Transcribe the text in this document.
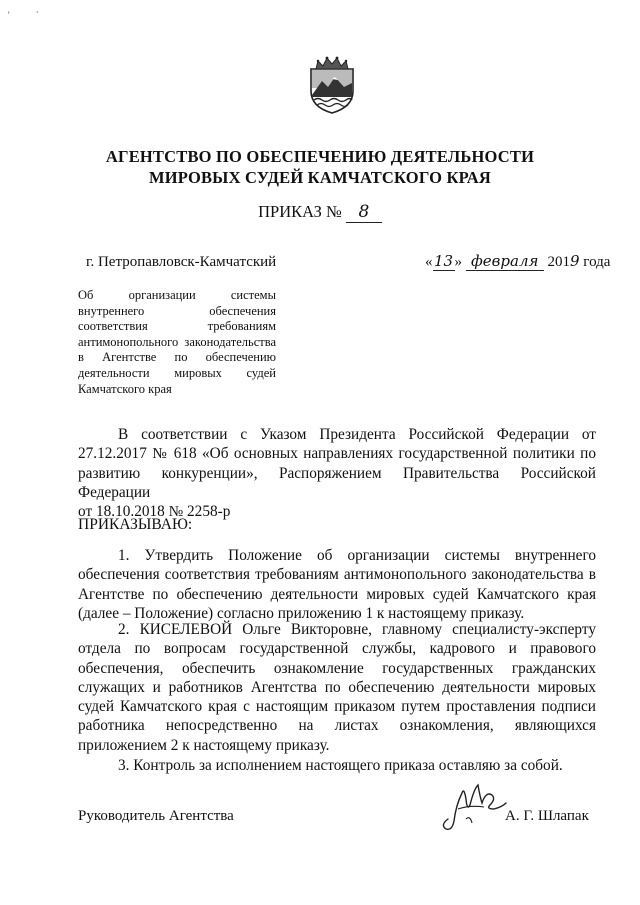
' `
АГЕНТСТВО ПО ОБЕСПЕЧЕНИЮ ДЕЯТЕЛЬНОСТИ
МИРОВЫХ СУДЕЙ КАМЧАТСКОГО КРАЯ
ПРИКАЗ № 8
г. Петропавловск-Камчатский	«13» февраля 2019 года
Об организации системы
внутреннего обеспечения
соответствия требованиям
антимонопольного законодательства
в Агентстве по обеспечению
деятельности мировых судей
Камчатского края
В соответствии с Указом Президента Российской Федерации от
27.12.2017 № 618 «Об основных направлениях государственной политики по
развитию конкуренции», Распоряжением Правительства Российской Федерации
от 18.10.2018 № 2258-р
ПРИКАЗЫВАЮ:
1. Утвердить Положение об организации системы внутреннего
обеспечения соответствия требованиям антимонопольного законодательства в
Агентстве по обеспечению деятельности мировых судей Камчатского края
(далее – Положение) согласно приложению 1 к настоящему приказу.
2. КИСЕЛЕВОЙ Ольге Викторовне, главному специалисту-эксперту
отдела по вопросам государственной службы, кадрового и правового
обеспечения, обеспечить ознакомление государственных гражданских
служащих и работников Агентства по обеспечению деятельности мировых
судей Камчатского края с настоящим приказом путем проставления подписи
работника непосредственно на листах ознакомления, являющихся
приложением 2 к настоящему приказу.
3. Контроль за исполнением настоящего приказа оставляю за собой.
Руководитель Агентства	А. Г. Шлапак
